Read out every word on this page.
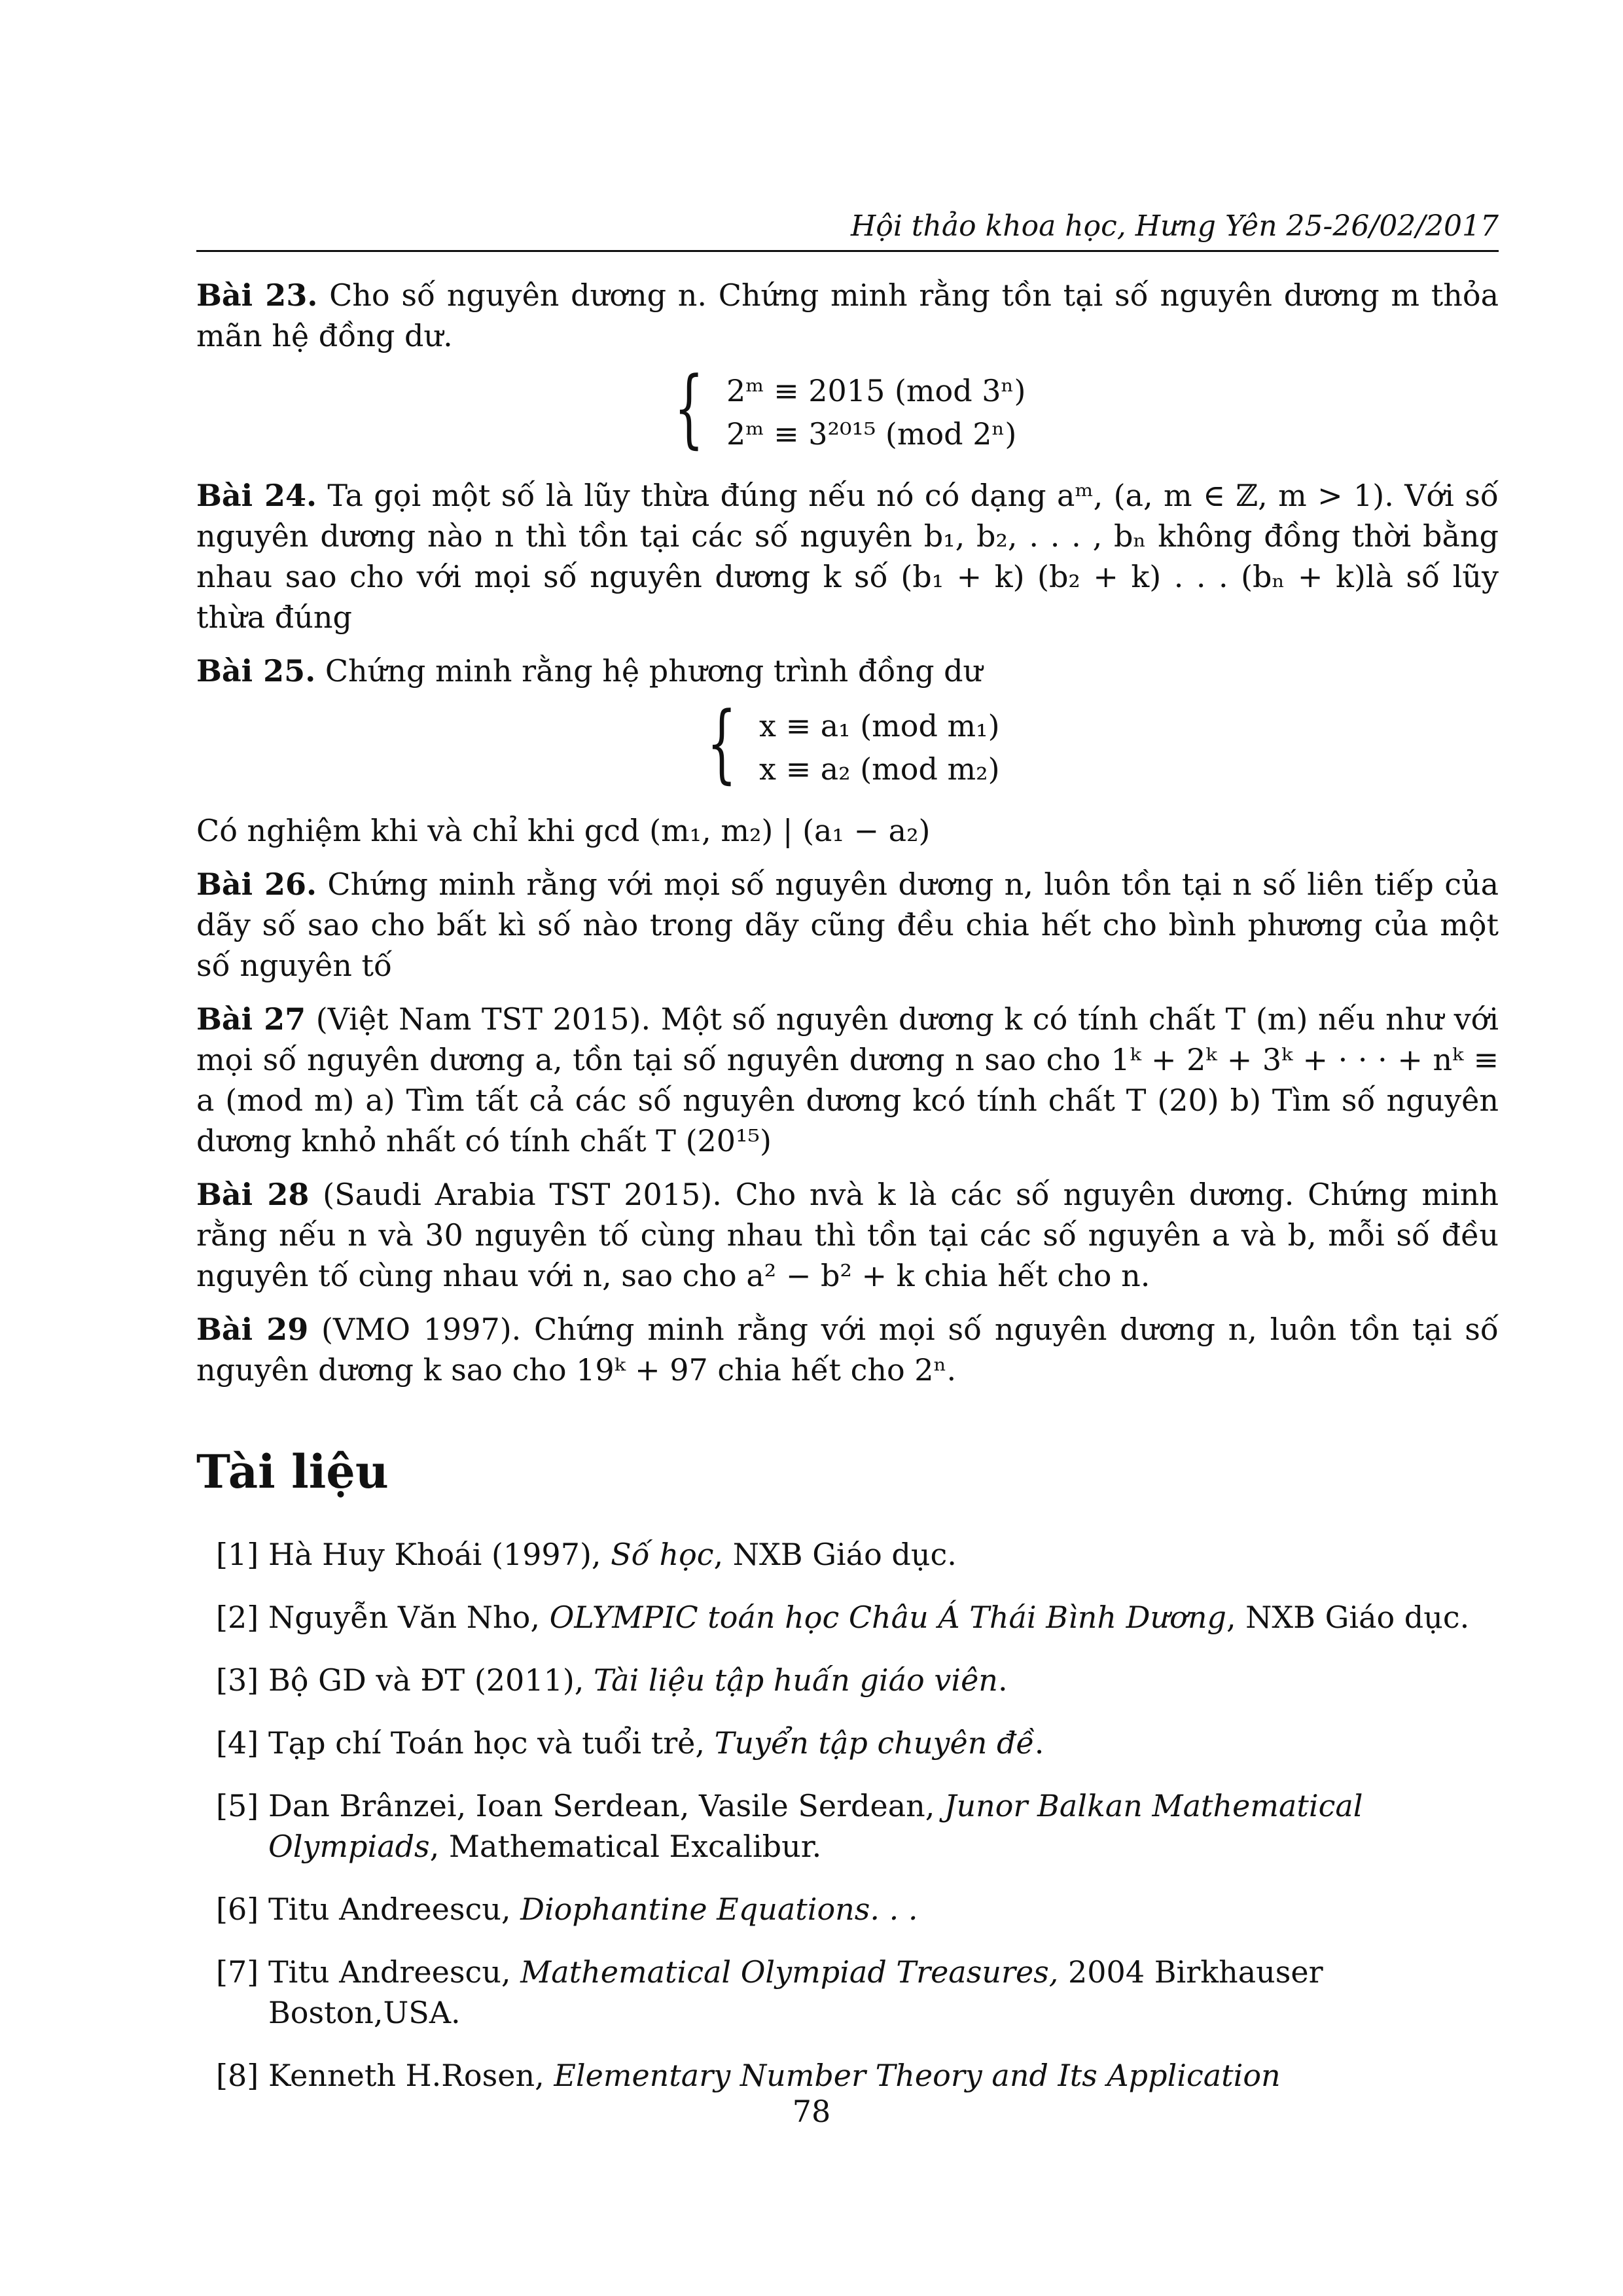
Hội thảo khoa học, Hưng Yên 25-26/02/2017

Bài 23. Cho số nguyên dương n. Chứng minh rằng tồn tại số nguyên dương m thỏa mãn hệ đồng dư.

{ 2ᵐ ≡ 2015 (mod 3ⁿ)
2ᵐ ≡ 3²⁰¹⁵ (mod 2ⁿ)

Bài 24. Ta gọi một số là lũy thừa đúng nếu nó có dạng aᵐ, (a, m ∈ ℤ, m > 1). Với số nguyên dương nào n thì tồn tại các số nguyên b₁, b₂, . . . , bₙ không đồng thời bằng nhau sao cho với mọi số nguyên dương k số (b₁ + k) (b₂ + k) . . . (bₙ + k)là số lũy thừa đúng

Bài 25. Chứng minh rằng hệ phương trình đồng dư

{ x ≡ a₁ (mod m₁)
x ≡ a₂ (mod m₂)

Có nghiệm khi và chỉ khi gcd (m₁, m₂) | (a₁ − a₂)

Bài 26. Chứng minh rằng với mọi số nguyên dương n, luôn tồn tại n số liên tiếp của dãy số sao cho bất kì số nào trong dãy cũng đều chia hết cho bình phương của một số nguyên tố

Bài 27 (Việt Nam TST 2015). Một số nguyên dương k có tính chất T (m) nếu như với mọi số nguyên dương a, tồn tại số nguyên dương n sao cho 1ᵏ + 2ᵏ + 3ᵏ + · · · + nᵏ ≡ a (mod m) a) Tìm tất cả các số nguyên dương kcó tính chất T (20) b) Tìm số nguyên dương knhỏ nhất có tính chất T (20¹⁵)

Bài 28 (Saudi Arabia TST 2015). Cho nvà k là các số nguyên dương. Chứng minh rằng nếu n và 30 nguyên tố cùng nhau thì tồn tại các số nguyên a và b, mỗi số đều nguyên tố cùng nhau với n, sao cho a² − b² + k chia hết cho n.

Bài 29 (VMO 1997). Chứng minh rằng với mọi số nguyên dương n, luôn tồn tại số nguyên dương k sao cho 19ᵏ + 97 chia hết cho 2ⁿ.

Tài liệu
[1] Hà Huy Khoái (1997), Số học, NXB Giáo dục.
[2] Nguyễn Văn Nho, OLYMPIC toán học Châu Á Thái Bình Dương, NXB Giáo dục.
[3] Bộ GD và ĐT (2011), Tài liệu tập huấn giáo viên.
[4] Tạp chí Toán học và tuổi trẻ, Tuyển tập chuyên đề.
[5] Dan Brânzei, Ioan Serdean, Vasile Serdean, Junor Balkan Mathematical Olympiads, Mathematical Excalibur.
[6] Titu Andreescu, Diophantine Equations. . .
[7] Titu Andreescu, Mathematical Olympiad Treasures, 2004 Birkhauser Boston,USA.
[8] Kenneth H.Rosen, Elementary Number Theory and Its Application
78
